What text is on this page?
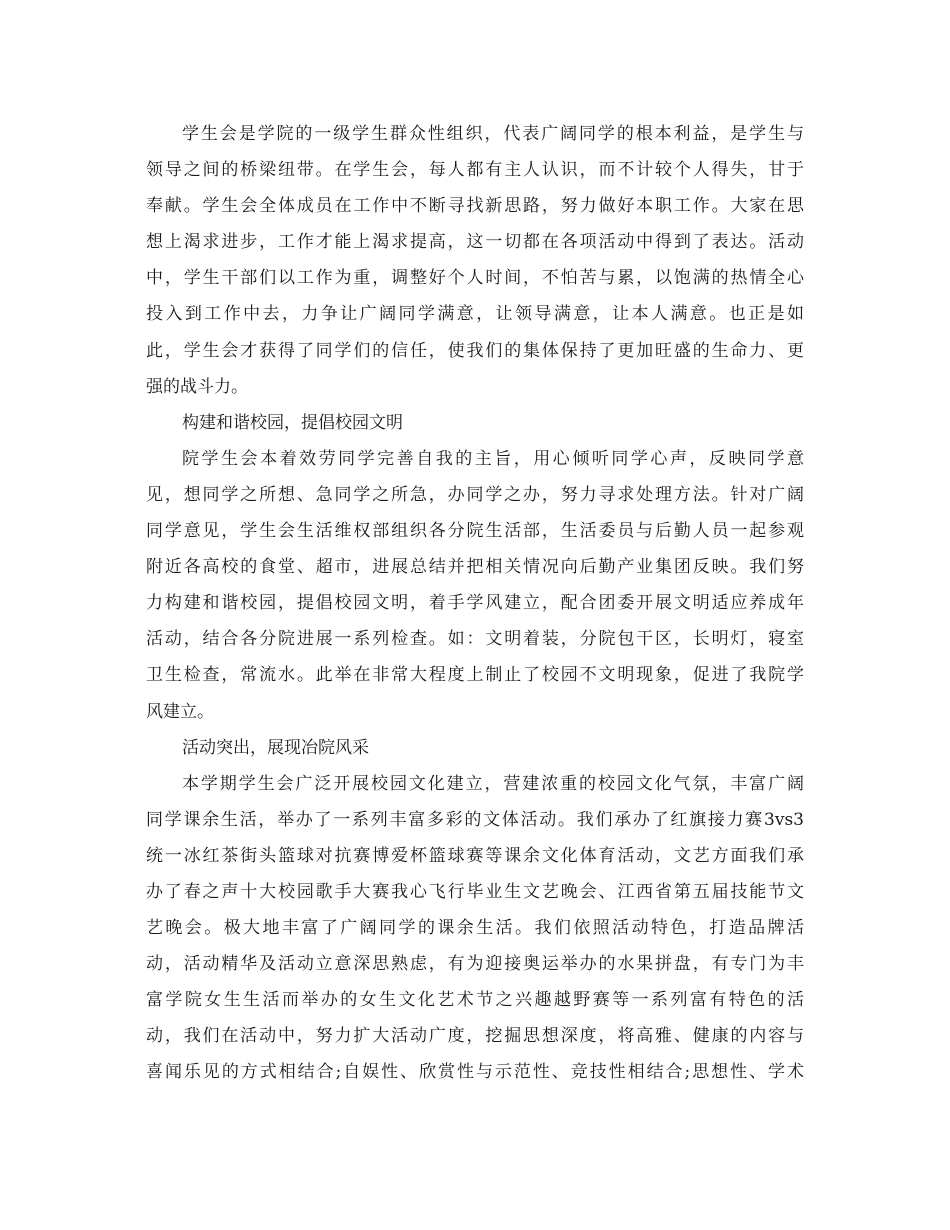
学生会是学院的一级学生群众性组织，代表广阔同学的根本利益，是学生与
领导之间的桥梁纽带。在学生会，每人都有主人认识，而不计较个人得失，甘于
奉献。学生会全体成员在工作中不断寻找新思路，努力做好本职工作。大家在思
想上渴求进步，工作才能上渴求提高，这一切都在各项活动中得到了表达。活动
中，学生干部们以工作为重，调整好个人时间，不怕苦与累，以饱满的热情全心
投入到工作中去，力争让广阔同学满意，让领导满意，让本人满意。也正是如
此，学生会才获得了同学们的信任，使我们的集体保持了更加旺盛的生命力、更
强的战斗力。
构建和谐校园，提倡校园文明
院学生会本着效劳同学完善自我的主旨，用心倾听同学心声，反映同学意
见，想同学之所想、急同学之所急，办同学之办，努力寻求处理方法。针对广阔
同学意见，学生会生活维权部组织各分院生活部，生活委员与后勤人员一起参观
附近各高校的食堂、超市，进展总结并把相关情况向后勤产业集团反映。我们努
力构建和谐校园，提倡校园文明，着手学风建立，配合团委开展文明适应养成年
活动，结合各分院进展一系列检查。如：文明着装，分院包干区，长明灯，寝室
卫生检查，常流水。此举在非常大程度上制止了校园不文明现象，促进了我院学
风建立。
活动突出，展现冶院风采
本学期学生会广泛开展校园文化建立，营建浓重的校园文化气氛，丰富广阔
同学课余生活，举办了一系列丰富多彩的文体活动。我们承办了红旗接力赛3vs3
统一冰红茶街头篮球对抗赛博爱杯篮球赛等课余文化体育活动，文艺方面我们承
办了春之声十大校园歌手大赛我心飞行毕业生文艺晚会、江西省第五届技能节文
艺晚会。极大地丰富了广阔同学的课余生活。我们依照活动特色，打造品牌活
动，活动精华及活动立意深思熟虑，有为迎接奥运举办的水果拼盘，有专门为丰
富学院女生生活而举办的女生文化艺术节之兴趣越野赛等一系列富有特色的活
动，我们在活动中，努力扩大活动广度，挖掘思想深度，将高雅、健康的内容与
喜闻乐见的方式相结合;自娱性、欣赏性与示范性、竞技性相结合;思想性、学术
